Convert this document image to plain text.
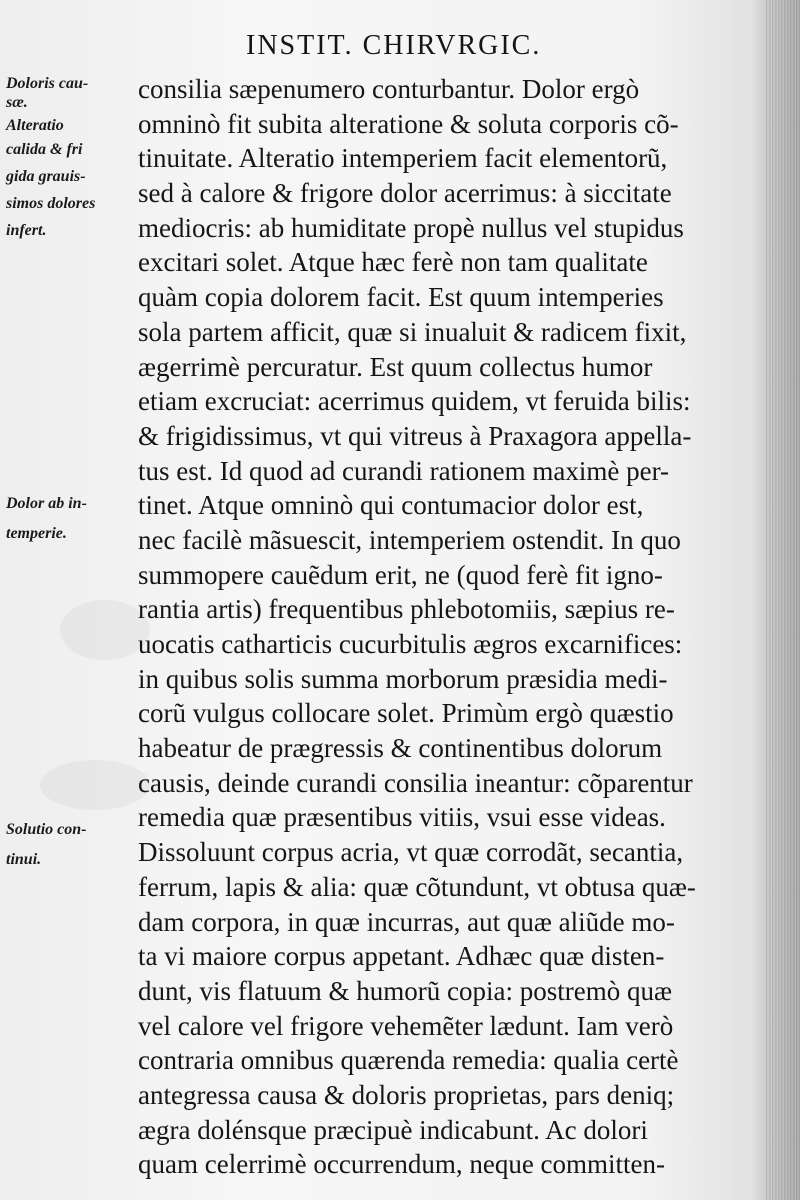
INSTIT. CHIRVRGIC.
Doloris cau-
sæ.
Alteratio
calida & fri
gida grauis-
simos dolores
infert.
Dolor ab in-
temperie.
Solutio con-
tinui.
consilia sæpenumero conturbantur. Dolor ergò
omninò fit subita alteratione & soluta corporis cõ-
tinuitate. Alteratio intemperiem facit elementorũ,
sed à calore & frigore dolor acerrimus: à siccitate
mediocris: ab humiditate propè nullus vel stupidus
excitari solet. Atque hæc ferè non tam qualitate
quàm copia dolorem facit. Est quum intemperies
sola partem afficit, quæ si inualuit & radicem fixit,
ægerrimè percuratur. Est quum collectus humor
etiam excruciat: acerrimus quidem, vt feruida bilis:
& frigidissimus, vt qui vitreus à Praxagora appella-
tus est. Id quod ad curandi rationem maximè per-
tinet. Atque omninò qui contumacior dolor est,
nec facilè mãsuescit, intemperiem ostendit. In quo
summopere cauẽdum erit, ne (quod ferè fit igno-
rantia artis) frequentibus phlebotomiis, sæpius re-
uocatis catharticis cucurbitulis ægros excarnifices:
in quibus solis summa morborum præsidia medi-
corũ vulgus collocare solet. Primùm ergò quæstio
habeatur de prægressis & continentibus dolorum
causis, deinde curandi consilia ineantur: cõparentur
remedia quæ præsentibus vitiis, vsui esse videas.
Dissoluunt corpus acria, vt quæ corrodãt, secantia,
ferrum, lapis & alia: quæ cõtundunt, vt obtusa quæ-
dam corpora, in quæ incurras, aut quæ aliũde mo-
ta vi maiore corpus appetant. Adhæc quæ disten-
dunt, vis flatuum & humorũ copia: postremò quæ
vel calore vel frigore vehemẽter lædunt. Iam verò
contraria omnibus quærenda remedia: qualia certè
antegressa causa & doloris proprietas, pars deniq;
ægra dolénsque præcipuè indicabunt. Ac dolori
quam celerrimè occurrendum, neque committen-
